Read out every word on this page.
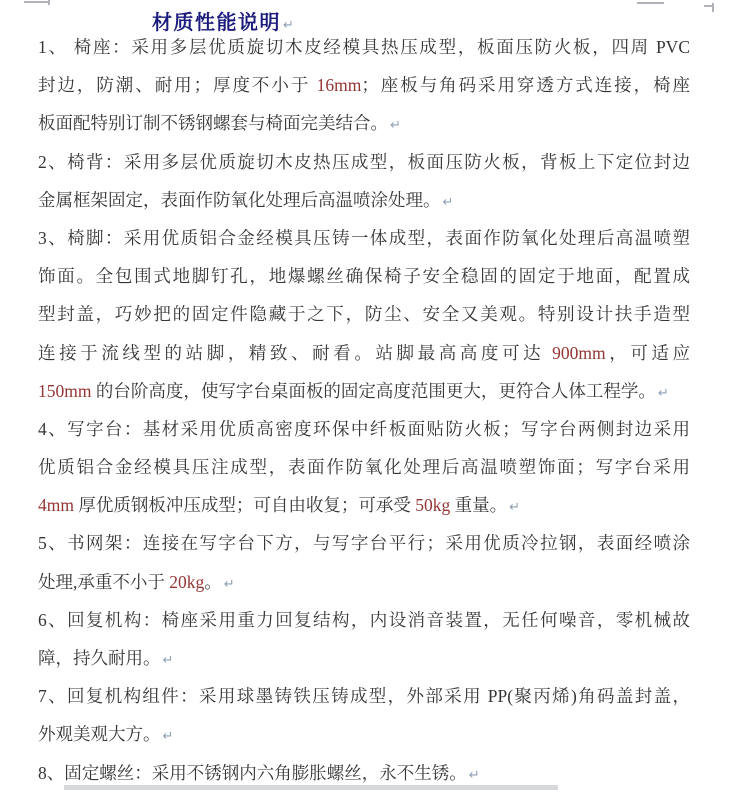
材质性能说明 ↵
1、 椅座：采用多层优质旋切木皮经模具热压成型，板面压防火板，四周 PVC
封边，防潮、耐用；厚度不小于 16mm；座板与角码采用穿透方式连接，椅座
板面配特别订制不锈钢螺套与椅面完美结合。 ↵
2、椅背：采用多层优质旋切木皮热压成型，板面压防火板，背板上下定位封边
金属框架固定，表面作防氧化处理后高温喷涂处理。 ↵
3、椅脚：采用优质铝合金经模具压铸一体成型，表面作防氧化处理后高温喷塑
饰面。全包围式地脚钉孔，地爆螺丝确保椅子安全稳固的固定于地面，配置成
型封盖，巧妙把的固定件隐藏于之下，防尘、安全又美观。特别设计扶手造型
连接于流线型的站脚，精致、耐看。站脚最高高度可达 900mm，可适应
150mm 的台阶高度，使写字台桌面板的固定高度范围更大，更符合人体工程学。 ↵
4、写字台：基材采用优质高密度环保中纤板面贴防火板；写字台两侧封边采用
优质铝合金经模具压注成型，表面作防氧化处理后高温喷塑饰面；写字台采用
4mm 厚优质钢板冲压成型；可自由收复；可承受 50kg 重量。 ↵
5、书网架：连接在写字台下方，与写字台平行；采用优质冷拉钢，表面经喷涂
处理,承重不小于 20kg。 ↵
6、回复机构：椅座采用重力回复结构，内设消音装置，无任何噪音，零机械故
障，持久耐用。 ↵
7、回复机构组件：采用球墨铸铁压铸成型，外部采用 PP(聚丙烯)角码盖封盖，
外观美观大方。 ↵
8、固定螺丝：采用不锈钢内六角膨胀螺丝，永不生锈。 ↵
